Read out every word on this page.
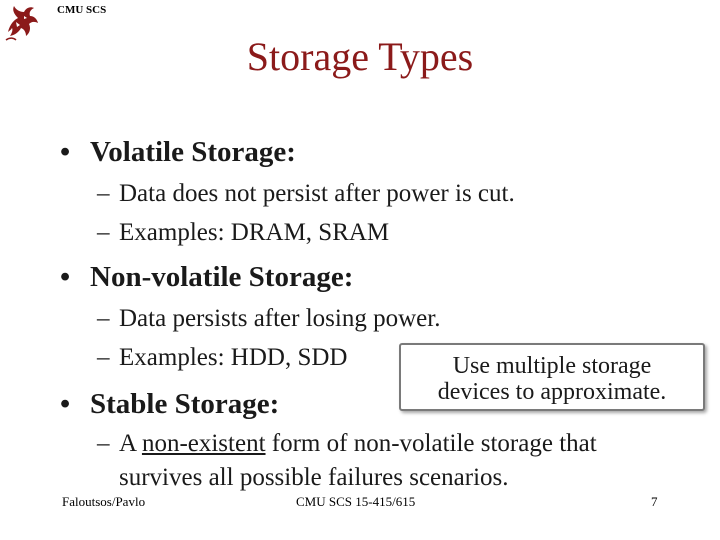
CMU SCS
Storage Types
• Volatile Storage:
– Data does not persist after power is cut.
– Examples: DRAM, SRAM
• Non-volatile Storage:
– Data persists after losing power.
– Examples: HDD, SDD
• Stable Storage:
– A non-existent form of non-volatile storage that
survives all possible failures scenarios.
Use multiple storage
devices to approximate.
Faloutsos/Pavlo	CMU SCS 15-415/615	7
